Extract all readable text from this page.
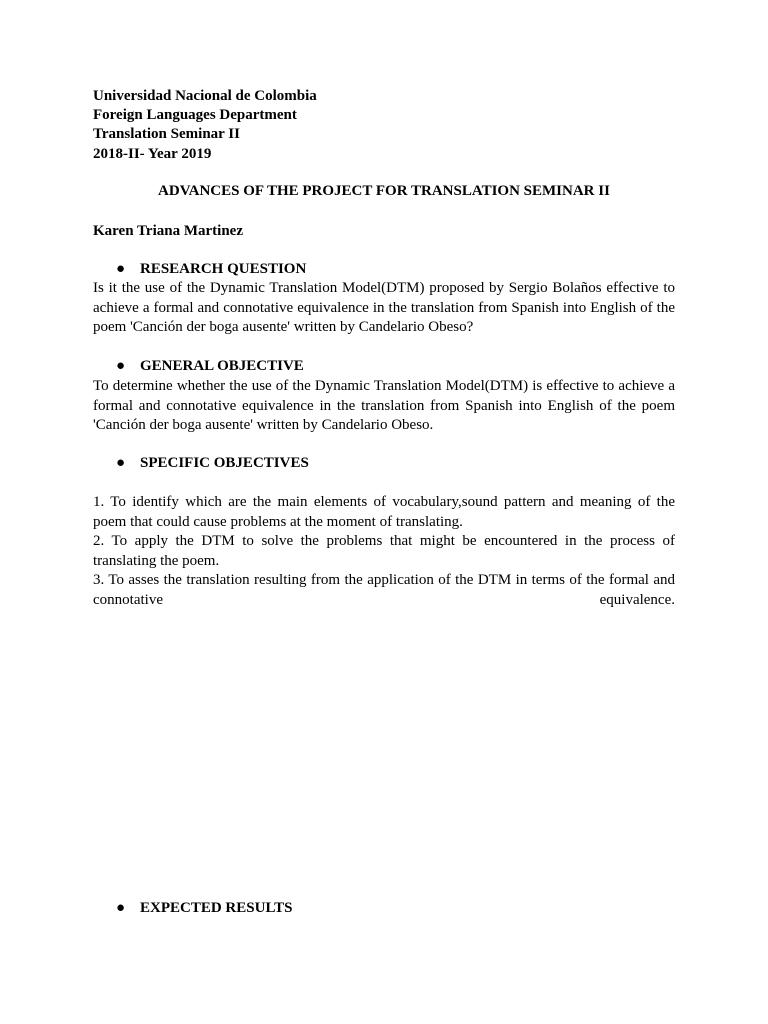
Universidad Nacional de Colombia
Foreign Languages Department
Translation Seminar II
2018-II- Year 2019
ADVANCES OF THE PROJECT FOR TRANSLATION SEMINAR II
Karen Triana Martinez
● RESEARCH QUESTION
Is it the use of the Dynamic Translation Model(DTM) proposed by Sergio Bolaños effective to achieve a formal and connotative equivalence in the translation from Spanish into English of the poem 'Canción der boga ausente' written by Candelario Obeso?
● GENERAL OBJECTIVE
To determine whether the use of the Dynamic Translation Model(DTM) is effective to achieve a formal and connotative equivalence in the translation from Spanish into English of the poem 'Canción der boga ausente' written by Candelario Obeso.
● SPECIFIC OBJECTIVES
1. To identify which are the main elements of vocabulary,sound pattern and meaning of the poem that could cause problems at the moment of translating.
2. To apply the DTM to solve the problems that might be encountered in the process of translating the poem.
3. To asses the translation resulting from the application of the DTM in terms of the formal and connotative equivalence.
● EXPECTED RESULTS
